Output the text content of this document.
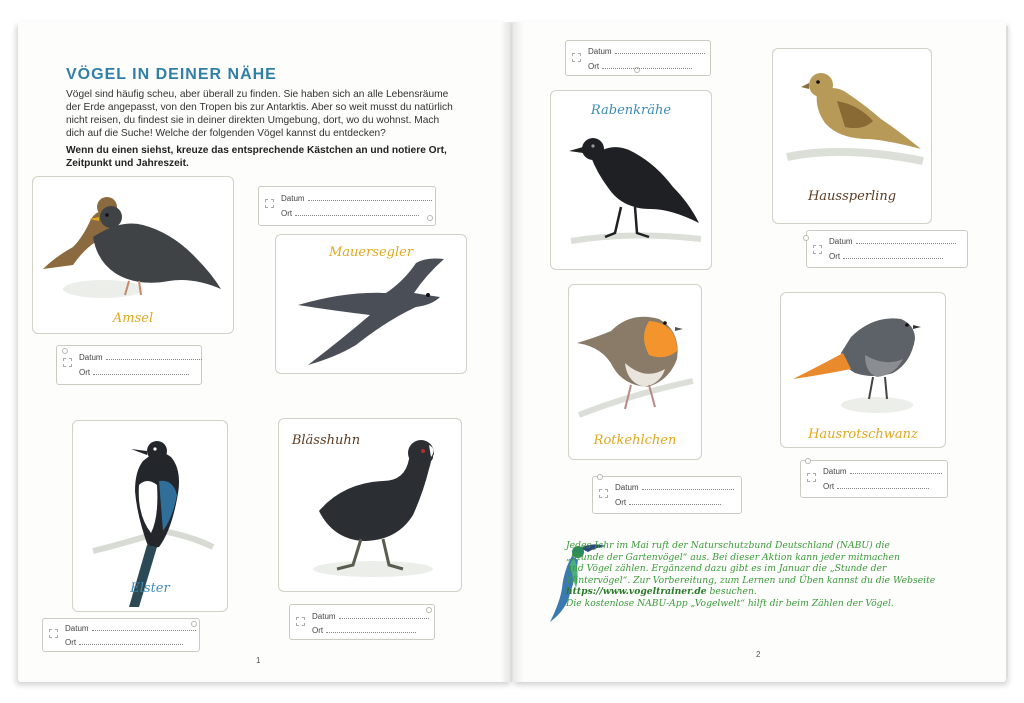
VÖGEL IN DEINER NÄHE

Vögel sind häufig scheu, aber überall zu finden. Sie haben sich an alle Lebensräume der Erde angepasst, von den Tropen bis zur Antarktis. Aber so weit musst du natürlich nicht reisen, du findest sie in deiner direkten Umgebung, dort, wo du wohnst. Mach dich auf die Suche! Welche der folgenden Vögel kannst du entdecken?

Wenn du einen siehst, kreuze das entsprechende Kästchen an und notiere Ort, Zeitpunkt und Jahreszeit.

Amsel
Datum
Ort
Datum
Ort
Mauersegler
Elster
Datum
Ort
Blässhuhn
Datum
Ort
1
Datum
Ort
Rabenkrähe
Haussperling
Datum
Ort
Rotkehlchen
Datum
Ort
Hausrotschwanz
Datum
Ort
Jedes Jahr im Mai ruft der Naturschutzbund Deutschland (NABU) die
„Stunde der Gartenvögel“ aus. Bei dieser Aktion kann jeder mitmachen
und Vögel zählen. Ergänzend dazu gibt es im Januar die „Stunde der
Wintervögel“. Zur Vorbereitung, zum Lernen und Üben kannst du die Webseite
https://www.vogeltrainer.de besuchen.
Die kostenlose NABU-App „Vogelwelt“ hilft dir beim Zählen der Vögel.
2
